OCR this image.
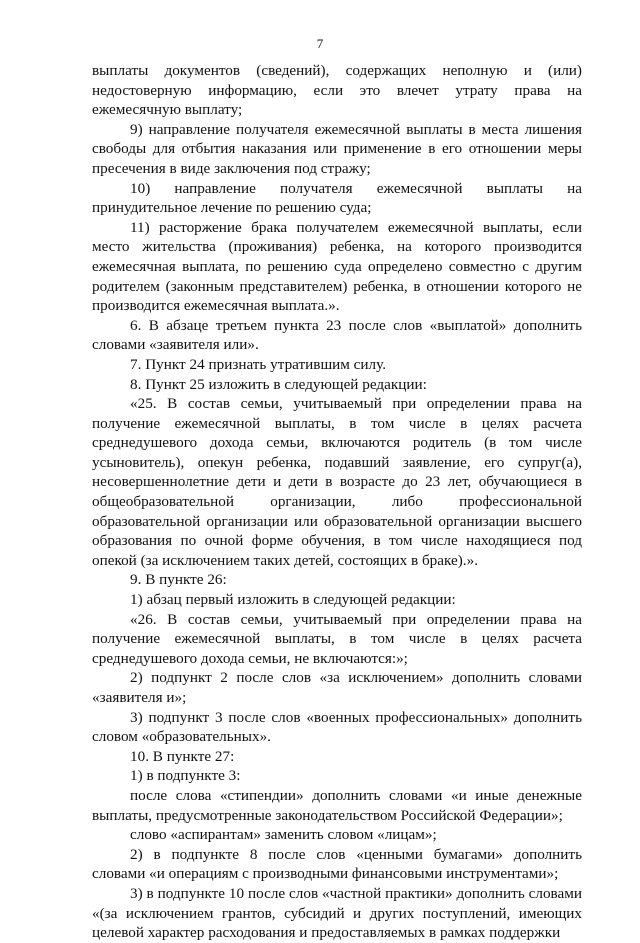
7

выплаты документов (сведений), содержащих неполную и (или) недостоверную информацию, если это влечет утрату права на ежемесячную выплату;

9) направление получателя ежемесячной выплаты в места лишения свободы для отбытия наказания или применение в его отношении меры пресечения в виде заключения под стражу;

10) направление получателя ежемесячной выплаты на принудительное лечение по решению суда;

11) расторжение брака получателем ежемесячной выплаты, если место жительства (проживания) ребенка, на которого производится ежемесячная выплата, по решению суда определено совместно с другим родителем (законным представителем) ребенка, в отношении которого не производится ежемесячная выплата.».

6. В абзаце третьем пункта 23 после слов «выплатой» дополнить словами «заявителя или».

7. Пункт 24 признать утратившим силу.

8. Пункт 25 изложить в следующей редакции:

«25. В состав семьи, учитываемый при определении права на получение ежемесячной выплаты, в том числе в целях расчета среднедушевого дохода семьи, включаются родитель (в том числе усыновитель), опекун ребенка, подавший заявление, его супруг(а), несовершеннолетние дети и дети в возрасте до 23 лет, обучающиеся в общеобразовательной организации, либо профессиональной образовательной организации или образовательной организации высшего образования по очной форме обучения, в том числе находящиеся под опекой (за исключением таких детей, состоящих в браке).».

9. В пункте 26:

1) абзац первый изложить в следующей редакции:

«26. В состав семьи, учитываемый при определении права на получение ежемесячной выплаты, в том числе в целях расчета среднедушевого дохода семьи, не включаются:»;

2) подпункт 2 после слов «за исключением» дополнить словами «заявителя и»;

3) подпункт 3 после слов «военных профессиональных» дополнить словом «образовательных».

10. В пункте 27:

1) в подпункте 3:

после слова «стипендии» дополнить словами «и иные денежные выплаты, предусмотренные законодательством Российской Федерации»;

слово «аспирантам» заменить словом «лицам»;

2) в подпункте 8 после слов «ценными бумагами» дополнить словами «и операциям с производными финансовыми инструментами»;

3) в подпункте 10 после слов «частной практики» дополнить словами «(за исключением грантов, субсидий и других поступлений, имеющих целевой характер расходования и предоставляемых в рамках поддержки
